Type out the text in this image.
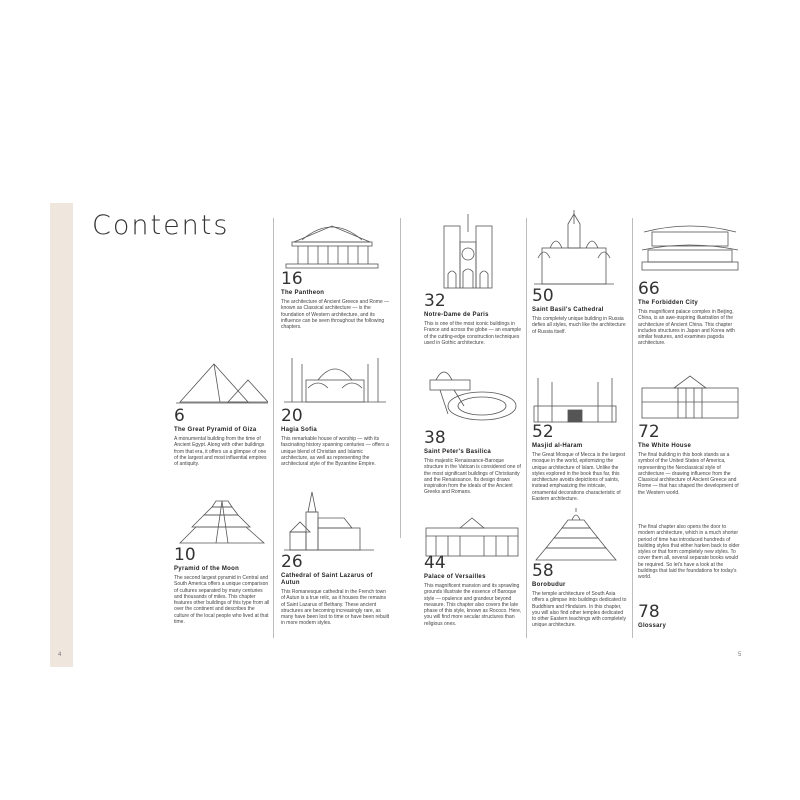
Contents
6
The Great Pyramid of Giza
A monumental building from the time of Ancient Egypt. Along with other buildings from that era, it offers us a glimpse of one of the largest and most influential empires of antiquity.
10
Pyramid of the Moon
The second largest pyramid in Central and South America offers a unique comparison of cultures separated by many centuries and thousands of miles. This chapter features other buildings of this type from all over the continent and describes the culture of the local people who lived at that time.
16
The Pantheon
The architecture of Ancient Greece and Rome — known as Classical architecture — is the foundation of Western architecture, and its influence can be seen throughout the following chapters.
20
Hagia Sofia
This remarkable house of worship — with its fascinating history spanning centuries — offers a unique blend of Christian and Islamic architecture, as well as representing the architectural style of the Byzantine Empire.
26
Cathedral of Saint Lazarus of Autun
This Romanesque cathedral in the French town of Autun is a true relic, as it houses the remains of Saint Lazarus of Bethany. These ancient structures are becoming increasingly rare, as many have been lost to time or have been rebuilt in more modern styles.
32
Notre-Dame de Paris
This is one of the most iconic buildings in France and across the globe — an example of the cutting-edge construction techniques used in Gothic architecture.
38
Saint Peter's Basilica
This majestic Renaissance-Baroque structure in the Vatican is considered one of the most significant buildings of Christianity and the Renaissance. Its design draws inspiration from the ideals of the Ancient Greeks and Romans.
44
Palace of Versailles
This magnificent mansion and its sprawling grounds illustrate the essence of Baroque style — opulence and grandeur beyond measure. This chapter also covers the late phase of this style, known as Rococo. Here, you will find more secular structures than religious ones.
50
Saint Basil's Cathedral
This completely unique building in Russia defies all styles, much like the architecture of Russia itself.
52
Masjid al-Haram
The Great Mosque of Mecca is the largest mosque in the world, epitomizing the unique architecture of Islam. Unlike the styles explored in the book thus far, this architecture avoids depictions of saints, instead emphasizing the intricate, ornamental decorations characteristic of Eastern architecture.
58
Borobudur
The temple architecture of South Asia offers a glimpse into buildings dedicated to Buddhism and Hinduism. In this chapter, you will also find other temples dedicated to other Eastern teachings with completely unique architecture.
66
The Forbidden City
This magnificent palace complex in Beijing, China, is an awe-inspiring illustration of the architecture of Ancient China. This chapter includes structures in Japan and Korea with similar features, and examines pagoda architecture.
72
The White House
The final building in this book stands as a symbol of the United States of America, representing the Neoclassical style of architecture — drawing influence from the Classical architecture of Ancient Greece and Rome — that has shaped the development of the Western world.
The final chapter also opens the door to modern architecture, which in a much shorter period of time has introduced hundreds of building styles that either harken back to older styles or that form completely new styles. To cover them all, several separate books would be required. So let's have a look at the buildings that laid the foundations for today's world.
78
Glossary
4	5
